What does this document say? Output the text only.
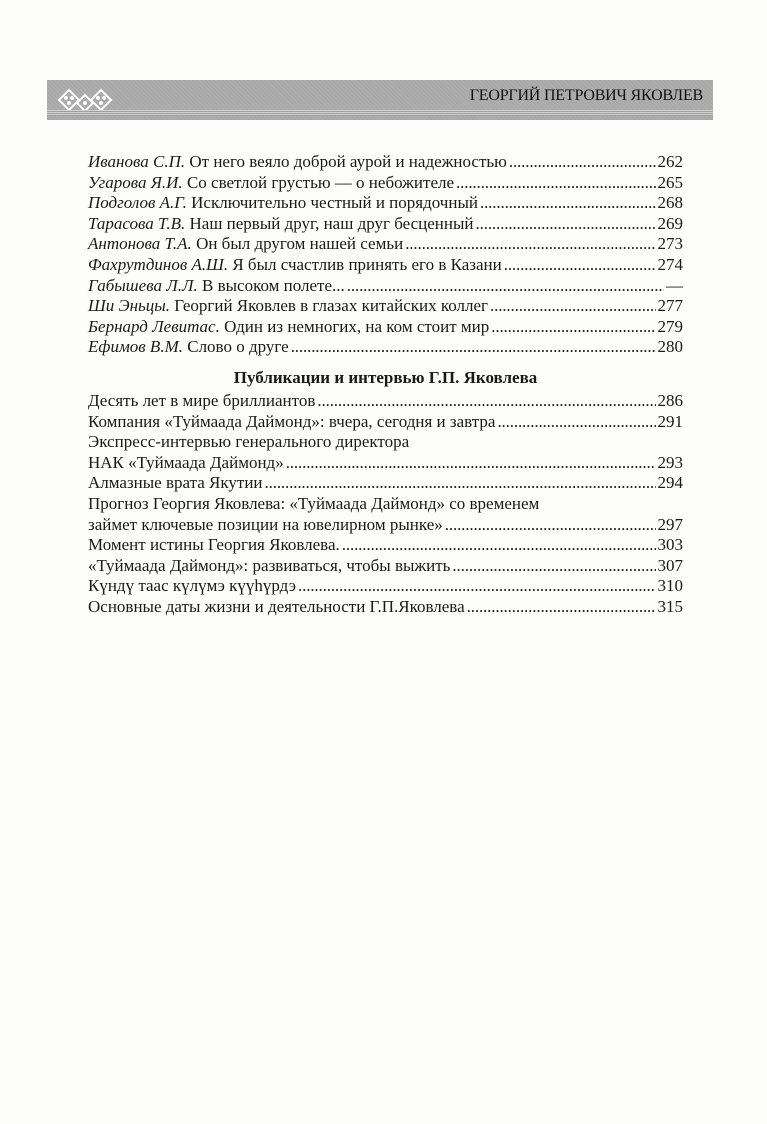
ГЕОРГИЙ ПЕТРОВИЧ ЯКОВЛЕВ
Иванова С.П. От него веяло доброй аурой и надежностью . . .	262
Угарова Я.И. Со светлой грустью — о небожителе . . .	265
Подголов А.Г. Исключительно честный и порядочный . . .	268
Тарасова Т.В. Наш первый друг, наш друг бесценный . . .	269
Антонова Т.А. Он был другом нашей семьи . . .	273
Фахрутдинов А.Ш. Я был счастлив принять его в Казани . . .	274
Габышева Л.Л. В высоком полете... . . .	—
Ши Эньцы. Георгий Яковлев в глазах китайских коллег . . .	277
Бернард Левитас. Один из немногих, на ком стоит мир . . .	279
Ефимов В.М. Слово о друге . . .	280
Публикации и интервью Г.П. Яковлева
Десять лет в мире бриллиантов . . .	286
Компания «Туймаада Даймонд»: вчера, сегодня и завтра . . .	291
Экспресс-интервью генерального директора
НАК «Туймаада Даймонд» . . .	293
Алмазные врата Якутии . . .	294
Прогноз Георгия Яковлева: «Туймаада Даймонд» со временем
займет ключевые позиции на ювелирном рынке» . . .	297
Момент истины Георгия Яковлева. . . .	303
«Туймаада Даймонд»: развиваться, чтобы выжить . . .	307
Күндү таас күлүмэ күүһүрдэ . . .	310
Основные даты жизни и деятельности Г.П.Яковлева . . .	315
